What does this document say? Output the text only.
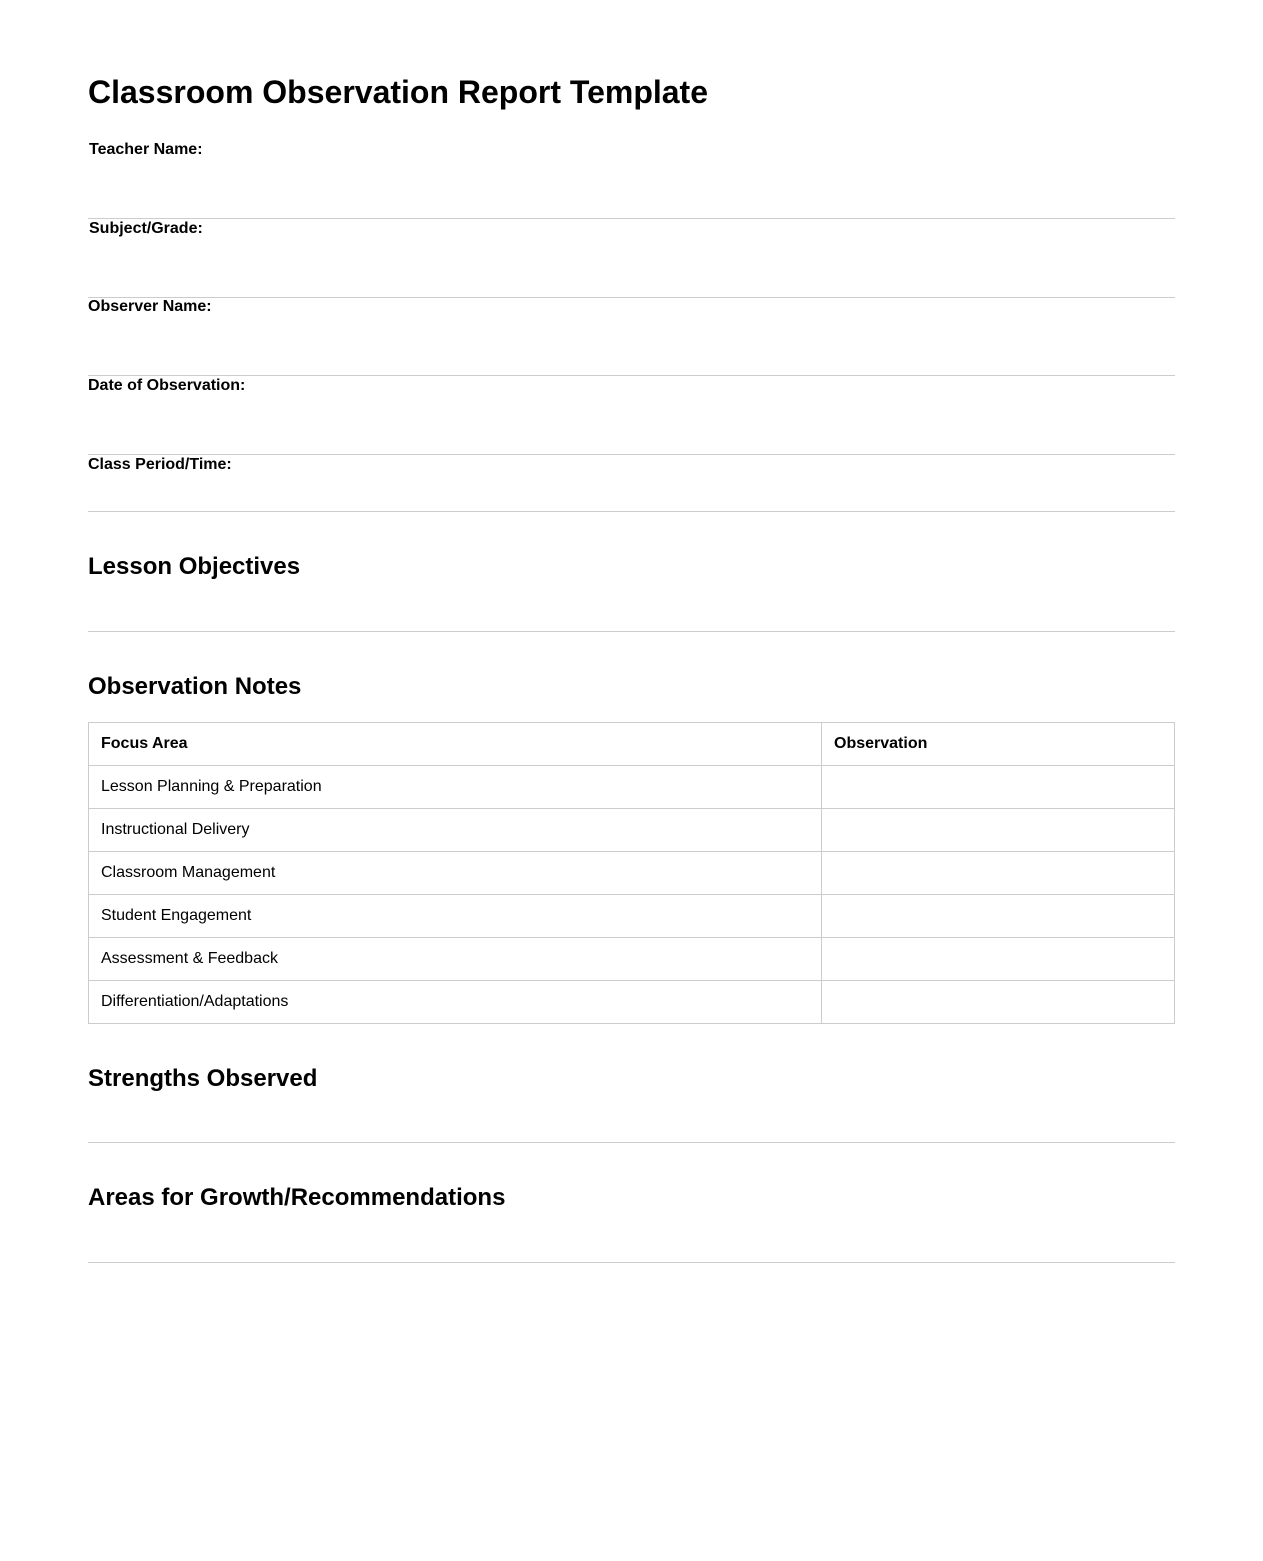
Classroom Observation Report Template
Teacher Name:
Subject/Grade:
Observer Name:
Date of Observation:
Class Period/Time:
Lesson Objectives
Observation Notes
Focus Area	Observation
Lesson Planning & Preparation	
Instructional Delivery	
Classroom Management	
Student Engagement	
Assessment & Feedback	
Differentiation/Adaptations	
Strengths Observed
Areas for Growth/Recommendations
